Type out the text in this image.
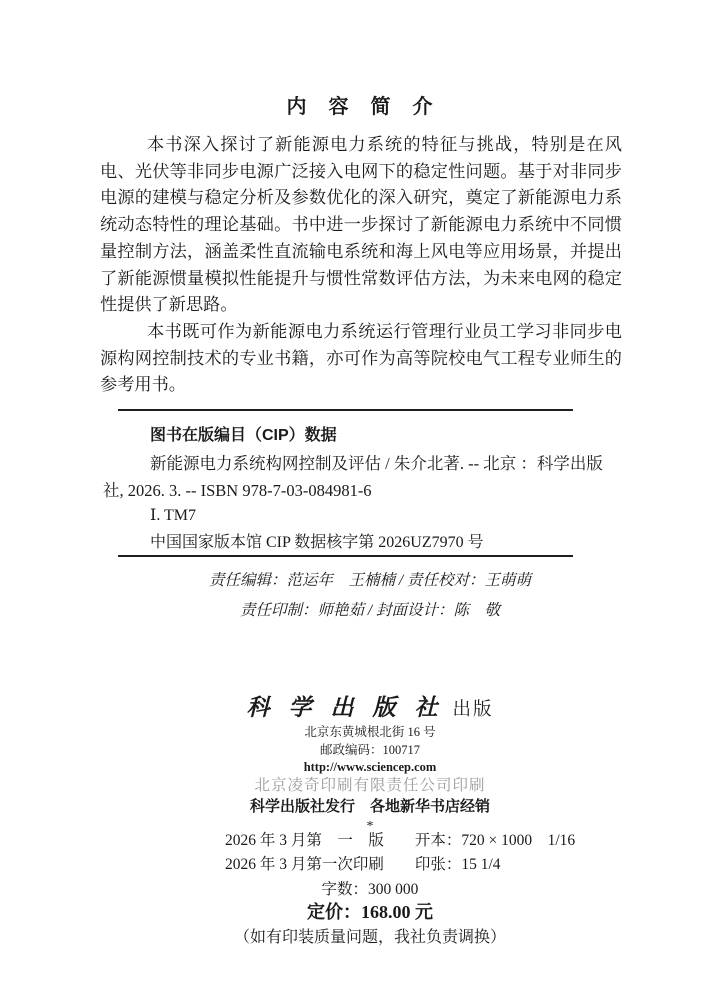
内　容　简　介

本书深入探讨了新能源电力系统的特征与挑战，特别是在风电、光伏等非同步电源广泛接入电网下的稳定性问题。基于对非同步电源的建模与稳定分析及参数优化的深入研究，奠定了新能源电力系统动态特性的理论基础。书中进一步探讨了新能源电力系统中不同惯量控制方法，涵盖柔性直流输电系统和海上风电等应用场景，并提出了新能源惯量模拟性能提升与惯性常数评估方法，为未来电网的稳定性提供了新思路。

本书既可作为新能源电力系统运行管理行业员工学习非同步电源构网控制技术的专业书籍，亦可作为高等院校电气工程专业师生的参考用书。

图书在版编目（CIP）数据
新能源电力系统构网控制及评估 / 朱介北著. -- 北京 ：科学出版
社, 2026. 3. -- ISBN 978-7-03-084981-6
Ⅰ. TM7
中国国家版本馆 CIP 数据核字第 2026UZ7970 号
责任编辑：范运年　王楠楠 / 责任校对：王萌萌
责任印制：师艳茹 / 封面设计：陈　敬
科学出版社出版
北京东黄城根北街 16 号
邮政编码：100717
http://www.sciencep.com
北京凌奇印刷有限责任公司印刷
科学出版社发行　各地新华书店经销
*
2026 年 3 月第　一　版　　开本：720 × 1000　1/16
2026 年 3 月第一次印刷　　印张：15 1/4
字数：300 000
定价：168.00 元
（如有印装质量问题，我社负责调换）
